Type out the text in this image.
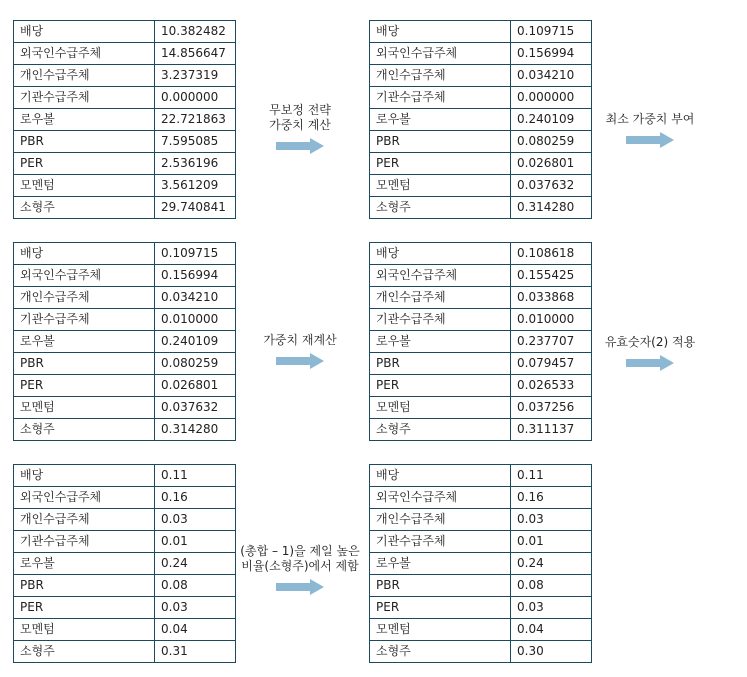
배당	10.382482
외국인수급주체	14.856647
개인수급주체	3.237319
기관수급주체	0.000000
로우볼	22.721863
PBR	7.595085
PER	2.536196
모멘텀	3.561209
소형주	29.740841
배당	0.109715
외국인수급주체	0.156994
개인수급주체	0.034210
기관수급주체	0.000000
로우볼	0.240109
PBR	0.080259
PER	0.026801
모멘텀	0.037632
소형주	0.314280
배당	0.109715
외국인수급주체	0.156994
개인수급주체	0.034210
기관수급주체	0.010000
로우볼	0.240109
PBR	0.080259
PER	0.026801
모멘텀	0.037632
소형주	0.314280
배당	0.108618
외국인수급주체	0.155425
개인수급주체	0.033868
기관수급주체	0.010000
로우볼	0.237707
PBR	0.079457
PER	0.026533
모멘텀	0.037256
소형주	0.311137
배당	0.11
외국인수급주체	0.16
개인수급주체	0.03
기관수급주체	0.01
로우볼	0.24
PBR	0.08
PER	0.03
모멘텀	0.04
소형주	0.31
배당	0.11
외국인수급주체	0.16
개인수급주체	0.03
기관수급주체	0.01
로우볼	0.24
PBR	0.08
PER	0.03
모멘텀	0.04
소형주	0.30
무보정 전략
가중치 계산	최소 가중치 부여
가중치 재계산	유효숫자(2) 적용
(총합 – 1)을 제일 높은
비율(소형주)에서 제함
